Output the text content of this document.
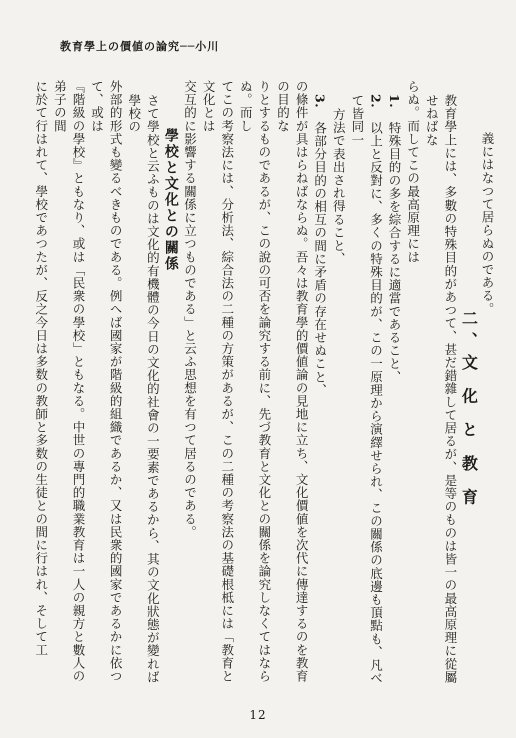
教育學上の價値の論究──小川

義にはなつて居らぬのである。

二、文 化 と 教 育

教育學上には、多數の特殊目的があつて、甚だ錯雜して居るが、是等のものは皆一の最高原理に從屬せねばな

らぬ。而してこの最高原理には

1.　特殊目的の多を綜合するに適當であること、

2.　以上と反對に、多くの特殊目的が、この一原理から演繹せられ、この關係の底邊も頂點も、凡べて皆同一

方法で表出され得ること、

3.　各部分目的の相互の間に矛盾の存在せぬこと、

の條件が具はらねばならぬ。吾々は教育學的價値論の見地に立ち、文化價値を次代に傳達するのを教育の目的な

りとするものであるが、この說の可否を論究する前に、先づ教育と文化との關係を論究しなくてはならぬ。而し

てこの考察法には、分析法、綜合法の二種の方策があるが、この二種の考察法の基礎根柢には「教育と文化とは

交互的に影響する關係に立つものである」と云ふ思想を有つて居るのである。

學校と文化との關係

さて學校と云ふものは文化的有機體の今日の文化的社會の一要素であるから、其の文化狀態が變れば學校の

外部的形式も變るべきものである。例へば國家が階級的組織であるか、又は民衆的國家であるかに依つて、或は

『階級の學校』ともなり、或は「民衆の學校」ともなる。中世の專門的職業教育は一人の親方と數人の弟子の間

に於て行はれて、學校であつたが、反之今日は多数の教師と多数の生徒との間に行はれ、そして工

12
